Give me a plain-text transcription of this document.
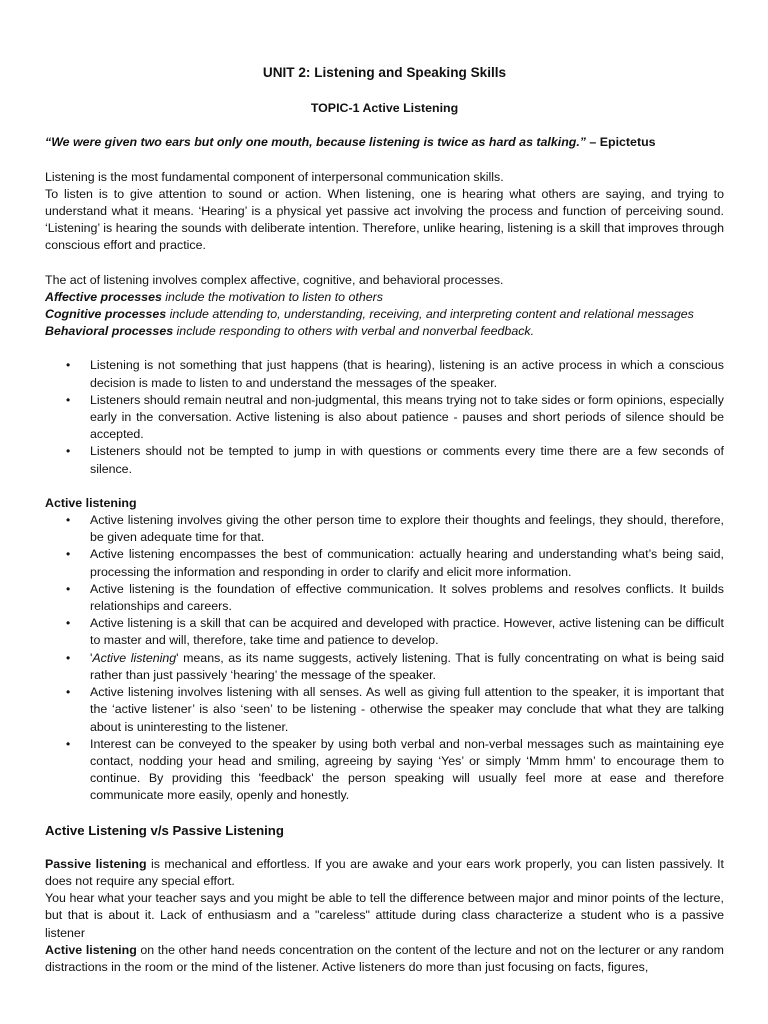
UNIT 2: Listening and Speaking Skills
TOPIC-1 Active Listening
“We were given two ears but only one mouth, because listening is twice as hard as talking.” – Epictetus

Listening is the most fundamental component of interpersonal communication skills.

To listen is to give attention to sound or action. When listening, one is hearing what others are saying, and trying to understand what it means. ‘Hearing’ is a physical yet passive act involving the process and function of perceiving sound. ‘Listening’ is hearing the sounds with deliberate intention. Therefore, unlike hearing, listening is a skill that improves through conscious effort and practice.

The act of listening involves complex affective, cognitive, and behavioral processes.

Affective processes include the motivation to listen to others

Cognitive processes include attending to, understanding, receiving, and interpreting content and relational messages

Behavioral processes include responding to others with verbal and nonverbal feedback.

• Listening is not something that just happens (that is hearing), listening is an active process in which a conscious decision is made to listen to and understand the messages of the speaker.
• Listeners should remain neutral and non-judgmental, this means trying not to take sides or form opinions, especially early in the conversation. Active listening is also about patience - pauses and short periods of silence should be accepted.
• Listeners should not be tempted to jump in with questions or comments every time there are a few seconds of silence.
Active listening
• Active listening involves giving the other person time to explore their thoughts and feelings, they should, therefore, be given adequate time for that.
• Active listening encompasses the best of communication: actually hearing and understanding what’s being said, processing the information and responding in order to clarify and elicit more information.
• Active listening is the foundation of effective communication. It solves problems and resolves conflicts. It builds relationships and careers.
• Active listening is a skill that can be acquired and developed with practice. However, active listening can be difficult to master and will, therefore, take time and patience to develop.
• 'Active listening' means, as its name suggests, actively listening. That is fully concentrating on what is being said rather than just passively ‘hearing’ the message of the speaker.
• Active listening involves listening with all senses. As well as giving full attention to the speaker, it is important that the ‘active listener’ is also ‘seen’ to be listening - otherwise the speaker may conclude that what they are talking about is uninteresting to the listener.
• Interest can be conveyed to the speaker by using both verbal and non-verbal messages such as maintaining eye contact, nodding your head and smiling, agreeing by saying ‘Yes’ or simply ‘Mmm hmm’ to encourage them to continue. By providing this 'feedback' the person speaking will usually feel more at ease and therefore communicate more easily, openly and honestly.
Active Listening v/s Passive Listening

Passive listening is mechanical and effortless. If you are awake and your ears work properly, you can listen passively. It does not require any special effort.

You hear what your teacher says and you might be able to tell the difference between major and minor points of the lecture, but that is about it. Lack of enthusiasm and a "careless" attitude during class characterize a student who is a passive listener

Active listening on the other hand needs concentration on the content of the lecture and not on the lecturer or any random distractions in the room or the mind of the listener. Active listeners do more than just focusing on facts, figures,
